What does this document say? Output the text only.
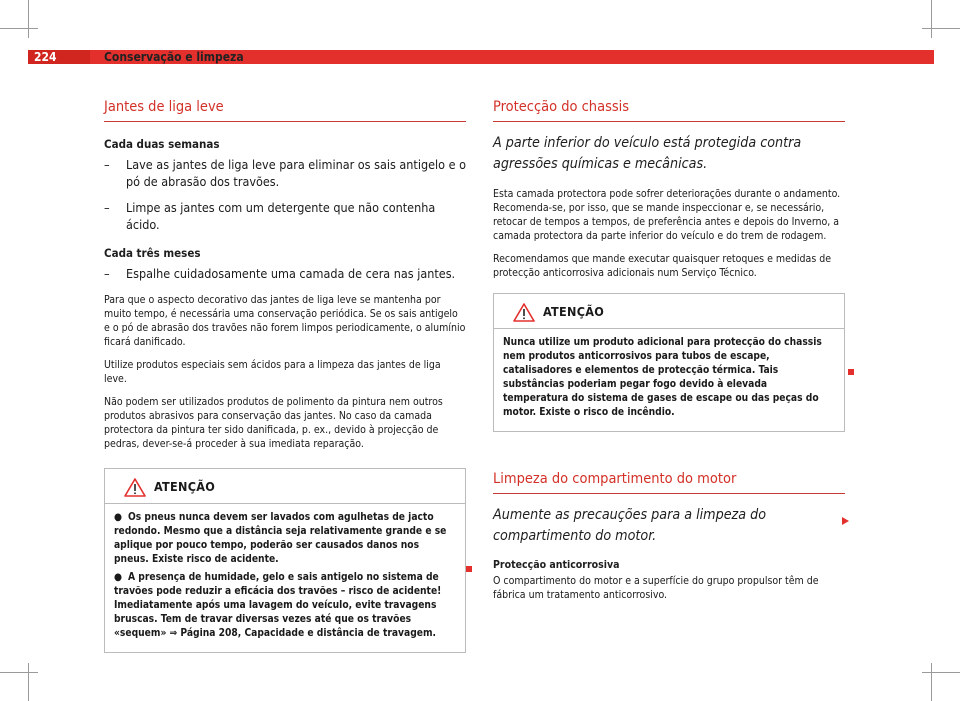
224	Conservação e limpeza
Jantes de liga leve
Cada duas semanas
– Lave as jantes de liga leve para eliminar os sais antigelo e o pó de abrasão dos travões.
– Limpe as jantes com um detergente que não contenha ácido.
Cada três meses
– Espalhe cuidadosamente uma camada de cera nas jantes.

Para que o aspecto decorativo das jantes de liga leve se mantenha por muito tempo, é necessária uma conservação periódica. Se os sais antigelo e o pó de abrasão dos travões não forem limpos periodicamente, o alumínio ficará danificado.

Utilize produtos especiais sem ácidos para a limpeza das jantes de liga leve.

Não podem ser utilizados produtos de polimento da pintura nem outros produtos abrasivos para conservação das jantes. No caso da camada protectora da pintura ter sido danificada, p. ex., devido à projecção de pedras, dever-se-á proceder à sua imediata reparação.

ATENÇÃO
● Os pneus nunca devem ser lavados com agulhetas de jacto redondo. Mesmo que a distância seja relativamente grande e se aplique por pouco tempo, poderão ser causados danos nos pneus. Existe risco de acidente.
● A presença de humidade, gelo e sais antigelo no sistema de travões pode reduzir a eficácia dos travões – risco de acidente! Imediatamente após uma lavagem do veículo, evite travagens bruscas. Tem de travar diversas vezes até que os travões «sequem» ⇒ Página 208, Capacidade e distância de travagem.
Protecção do chassis
A parte inferior do veículo está protegida contra agressões químicas e mecânicas.

Esta camada protectora pode sofrer deteriorações durante o andamento. Recomenda-se, por isso, que se mande inspeccionar e, se necessário, retocar de tempos a tempos, de preferência antes e depois do Inverno, a camada protectora da parte inferior do veículo e do trem de rodagem.

Recomendamos que mande executar quaisquer retoques e medidas de protecção anticorrosiva adicionais num Serviço Técnico.

ATENÇÃO
Nunca utilize um produto adicional para protecção do chassis nem produtos anticorrosivos para tubos de escape, catalisadores e elementos de protecção térmica. Tais substâncias poderiam pegar fogo devido à elevada temperatura do sistema de gases de escape ou das peças do motor. Existe o risco de incêndio.
Limpeza do compartimento do motor
Aumente as precauções para a limpeza do compartimento do motor.
Protecção anticorrosiva

O compartimento do motor e a superfície do grupo propulsor têm de fábrica um tratamento anticorrosivo.
